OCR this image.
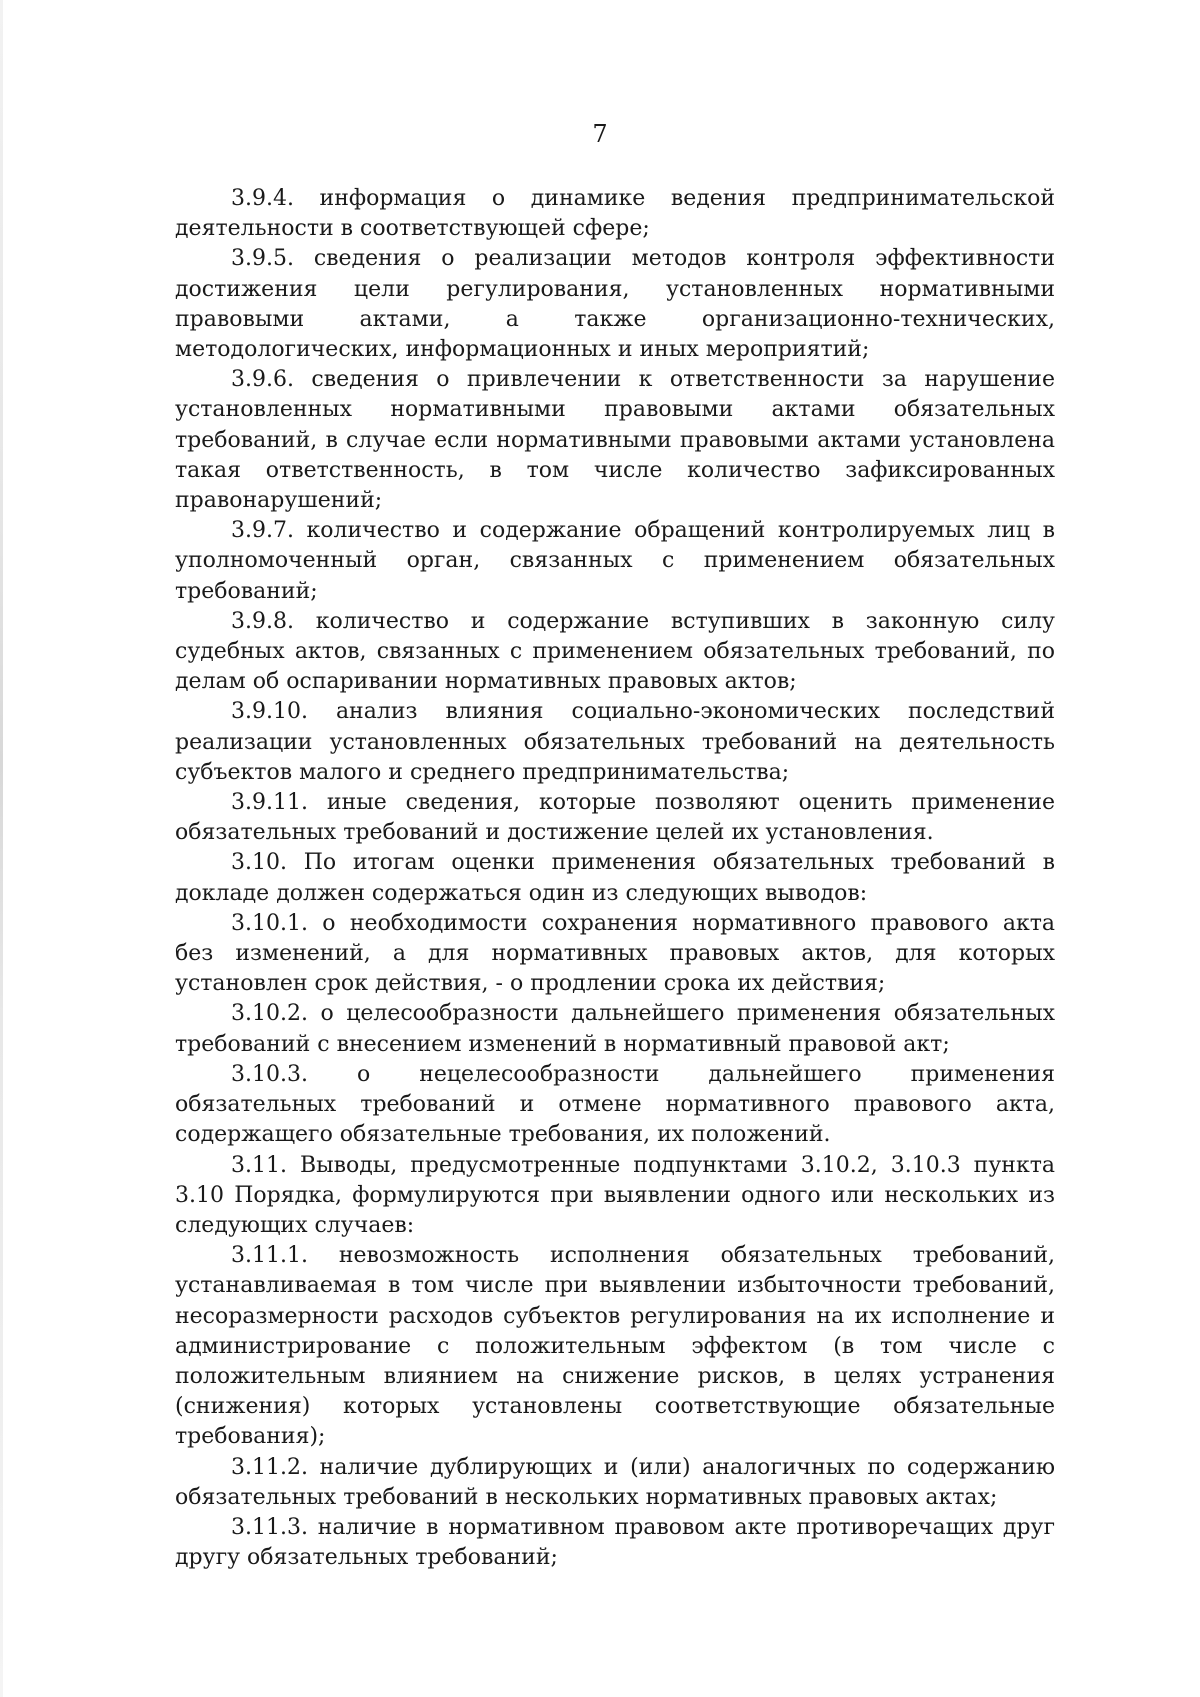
7

3.9.4. информация о динамике ведения предпринимательской деятельности в соответствующей сфере;

3.9.5. сведения о реализации методов контроля эффективности достижения цели регулирования, установленных нормативными правовыми актами, а также организационно-технических, методологических, информационных и иных мероприятий;

3.9.6. сведения о привлечении к ответственности за нарушение установленных нормативными правовыми актами обязательных требований, в случае если нормативными правовыми актами установлена такая ответственность, в том числе количество зафиксированных правонарушений;

3.9.7. количество и содержание обращений контролируемых лиц в уполномоченный орган, связанных с применением обязательных требований;

3.9.8. количество и содержание вступивших в законную силу судебных актов, связанных с применением обязательных требований, по делам об оспаривании нормативных правовых актов;

3.9.10. анализ влияния социально-экономических последствий реализации установленных обязательных требований на деятельность субъектов малого и среднего предпринимательства;

3.9.11. иные сведения, которые позволяют оценить применение обязательных требований и достижение целей их установления.

3.10. По итогам оценки применения обязательных требований в докладе должен содержаться один из следующих выводов:

3.10.1. о необходимости сохранения нормативного правового акта без изменений, а для нормативных правовых актов, для которых установлен срок действия, - о продлении срока их действия;

3.10.2. о целесообразности дальнейшего применения обязательных требований с внесением изменений в нормативный правовой акт;

3.10.3. о нецелесообразности дальнейшего применения обязательных требований и отмене нормативного правового акта, содержащего обязательные требования, их положений.

3.11. Выводы, предусмотренные подпунктами 3.10.2, 3.10.3 пункта 3.10 Порядка, формулируются при выявлении одного или нескольких из следующих случаев:

3.11.1. невозможность исполнения обязательных требований, устанавливаемая в том числе при выявлении избыточности требований, несоразмерности расходов субъектов регулирования на их исполнение и администрирование с положительным эффектом (в том числе с положительным влиянием на снижение рисков, в целях устранения (снижения) которых установлены соответствующие обязательные требования);

3.11.2. наличие дублирующих и (или) аналогичных по содержанию обязательных требований в нескольких нормативных правовых актах;

3.11.3. наличие в нормативном правовом акте противоречащих друг другу обязательных требований;
